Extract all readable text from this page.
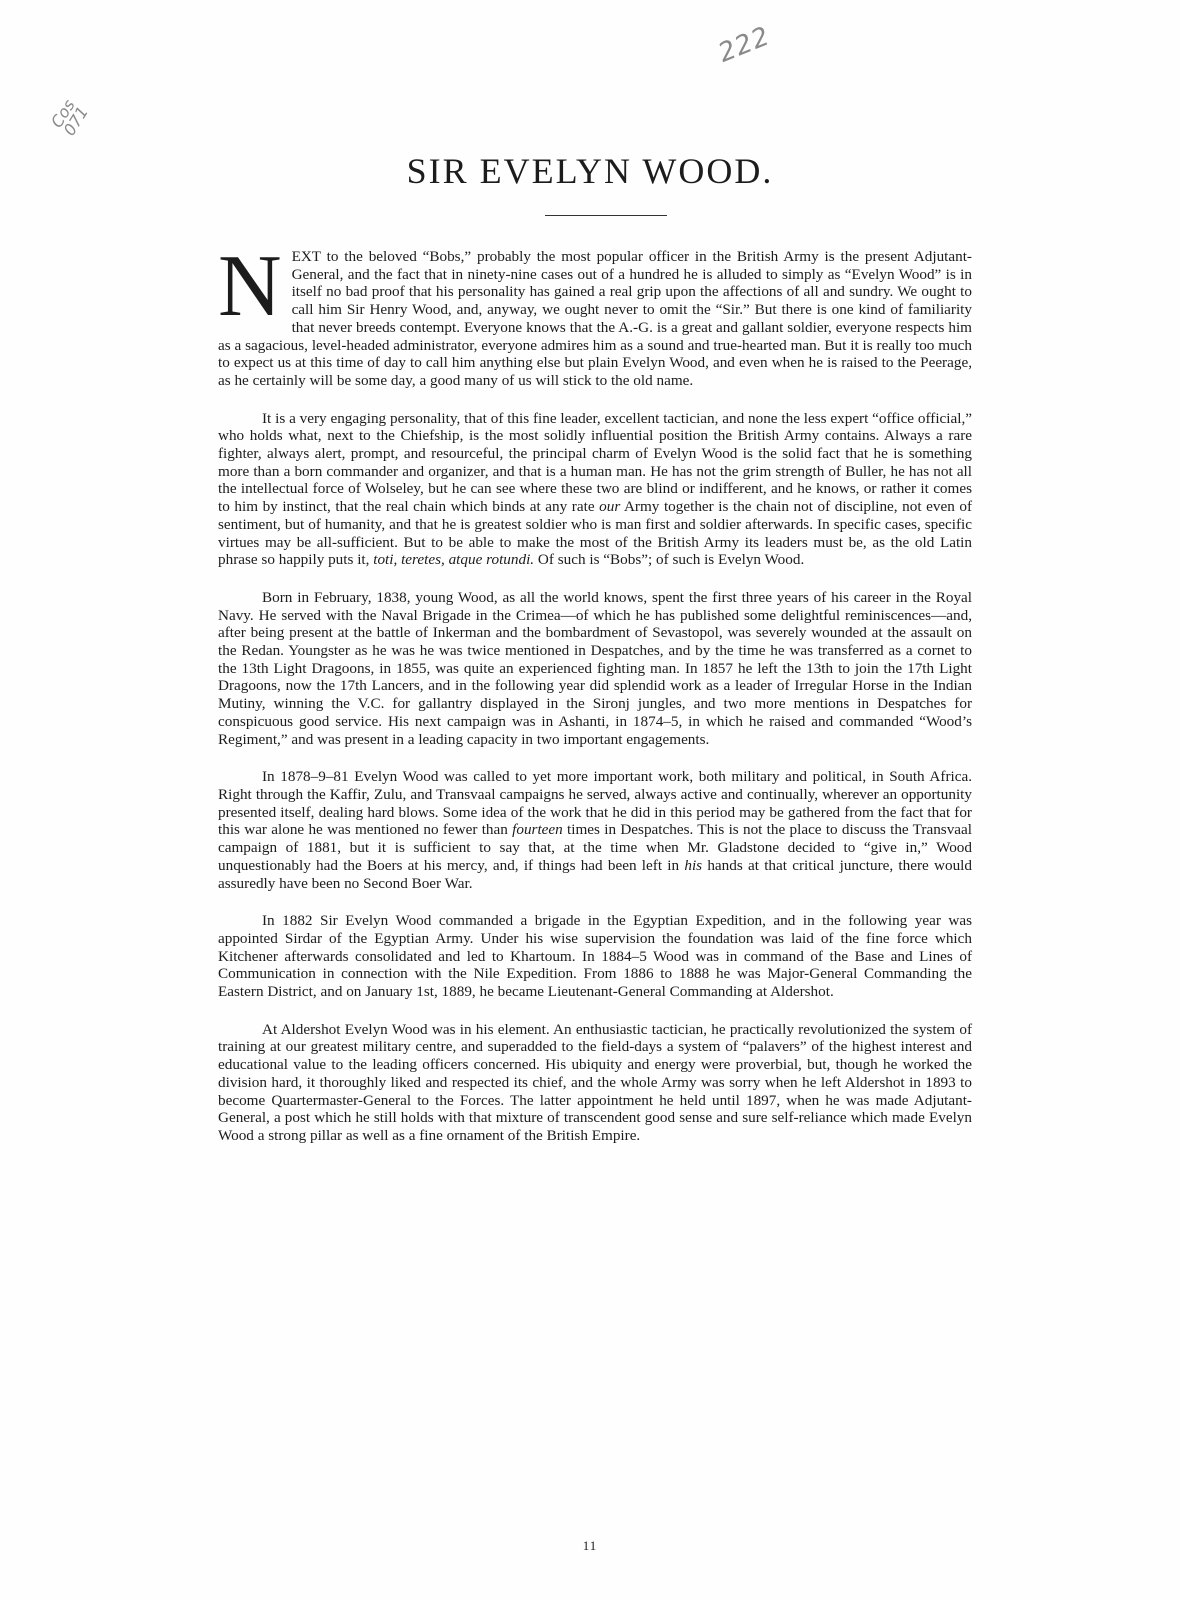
222
Cos 071
SIR EVELYN WOOD.

NEXT to the beloved “Bobs,” probably the most popular officer in the British Army is the present Adjutant-General, and the fact that in ninety-nine cases out of a hundred he is alluded to simply as “Evelyn Wood” is in itself no bad proof that his personality has gained a real grip upon the affections of all and sundry. We ought to call him Sir Henry Wood, and, anyway, we ought never to omit the “Sir.” But there is one kind of familiarity that never breeds contempt. Everyone knows that the A.-G. is a great and gallant soldier, everyone respects him as a sagacious, level-headed administrator, everyone admires him as a sound and true-hearted man. But it is really too much to expect us at this time of day to call him anything else but plain Evelyn Wood, and even when he is raised to the Peerage, as he certainly will be some day, a good many of us will stick to the old name.

It is a very engaging personality, that of this fine leader, excellent tactician, and none the less expert “office official,” who holds what, next to the Chiefship, is the most solidly influential position the British Army contains. Always a rare fighter, always alert, prompt, and resourceful, the principal charm of Evelyn Wood is the solid fact that he is something more than a born commander and organizer, and that is a human man. He has not the grim strength of Buller, he has not all the intellectual force of Wolseley, but he can see where these two are blind or indifferent, and he knows, or rather it comes to him by instinct, that the real chain which binds at any rate our Army together is the chain not of discipline, not even of sentiment, but of humanity, and that he is greatest soldier who is man first and soldier afterwards. In specific cases, specific virtues may be all-sufficient. But to be able to make the most of the British Army its leaders must be, as the old Latin phrase so happily puts it, toti, teretes, atque rotundi. Of such is “Bobs”; of such is Evelyn Wood.

Born in February, 1838, young Wood, as all the world knows, spent the first three years of his career in the Royal Navy. He served with the Naval Brigade in the Crimea—of which he has published some delightful reminiscences—and, after being present at the battle of Inkerman and the bombardment of Sevastopol, was severely wounded at the assault on the Redan. Youngster as he was he was twice mentioned in Despatches, and by the time he was transferred as a cornet to the 13th Light Dragoons, in 1855, was quite an experienced fighting man. In 1857 he left the 13th to join the 17th Light Dragoons, now the 17th Lancers, and in the following year did splendid work as a leader of Irregular Horse in the Indian Mutiny, winning the V.C. for gallantry displayed in the Sironj jungles, and two more mentions in Despatches for conspicuous good service. His next campaign was in Ashanti, in 1874–5, in which he raised and commanded “Wood’s Regiment,” and was present in a leading capacity in two important engagements.

In 1878–9–81 Evelyn Wood was called to yet more important work, both military and political, in South Africa. Right through the Kaffir, Zulu, and Transvaal campaigns he served, always active and continually, wherever an opportunity presented itself, dealing hard blows. Some idea of the work that he did in this period may be gathered from the fact that for this war alone he was mentioned no fewer than fourteen times in Despatches. This is not the place to discuss the Transvaal campaign of 1881, but it is sufficient to say that, at the time when Mr. Gladstone decided to “give in,” Wood unquestionably had the Boers at his mercy, and, if things had been left in his hands at that critical juncture, there would assuredly have been no Second Boer War.

In 1882 Sir Evelyn Wood commanded a brigade in the Egyptian Expedition, and in the following year was appointed Sirdar of the Egyptian Army. Under his wise supervision the foundation was laid of the fine force which Kitchener afterwards consolidated and led to Khartoum. In 1884–5 Wood was in command of the Base and Lines of Communication in connection with the Nile Expedition. From 1886 to 1888 he was Major-General Commanding the Eastern District, and on January 1st, 1889, he became Lieutenant-General Commanding at Aldershot.

At Aldershot Evelyn Wood was in his element. An enthusiastic tactician, he practically revolutionized the system of training at our greatest military centre, and superadded to the field-days a system of “palavers” of the highest interest and educational value to the leading officers concerned. His ubiquity and energy were proverbial, but, though he worked the division hard, it thoroughly liked and respected its chief, and the whole Army was sorry when he left Aldershot in 1893 to become Quartermaster-General to the Forces. The latter appointment he held until 1897, when he was made Adjutant-General, a post which he still holds with that mixture of transcendent good sense and sure self-reliance which made Evelyn Wood a strong pillar as well as a fine ornament of the British Empire.

11
